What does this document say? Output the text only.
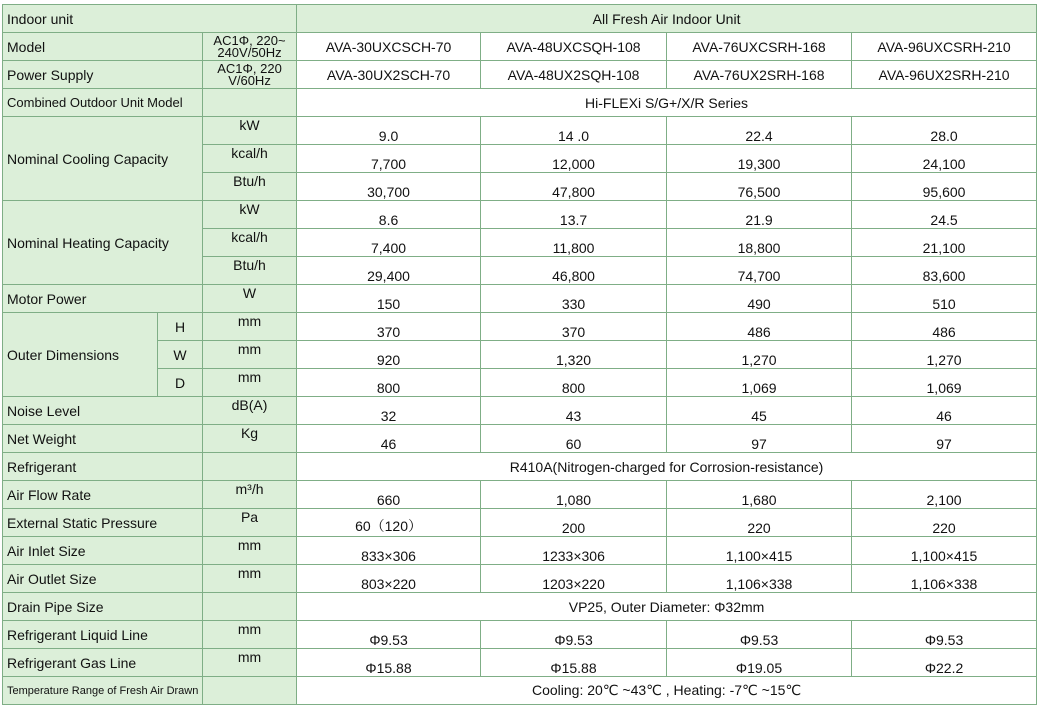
Indoor unit			All Fresh Air Indoor Unit			
Model		AC1Φ, 220~ 240V/50Hz	AVA-30UXCSCH-70	AVA-48UXCSQH-108	AVA-76UXCSRH-168	AVA-96UXCSRH-210
Power Supply		AC1Φ, 220 V/60Hz	AVA-30UX2SCH-70	AVA-48UX2SQH-108	AVA-76UX2SRH-168	AVA-96UX2SRH-210
Combined Outdoor Unit Model			Hi-FLEXi S/G+/X/R Series			
Nominal Cooling Capacity		kW	9.0	14 .0	22.4	28.0
		kcal/h	7,700	12,000	19,300	24,100
		Btu/h	30,700	47,800	76,500	95,600
Nominal Heating Capacity		kW	8.6	13.7	21.9	24.5
		kcal/h	7,400	11,800	18,800	21,100
		Btu/h	29,400	46,800	74,700	83,600
Motor Power		W	150	330	490	510
Outer Dimensions	H	mm	370	370	486	486
	W	mm	920	1,320	1,270	1,270
	D	mm	800	800	1,069	1,069
Noise Level		dB(A)	32	43	45	46
Net Weight		Kg	46	60	97	97
Refrigerant			R410A(Nitrogen-charged for Corrosion-resistance)			
Air Flow Rate		m³/h	660	1,080	1,680	2,100
External Static Pressure		Pa	60（120）	200	220	220
Air Inlet Size		mm	833×306	1233×306	1,100×415	1,100×415
Air Outlet Size		mm	803×220	1203×220	1,106×338	1,106×338
Drain Pipe Size			VP25, Outer Diameter: Φ32mm			
Refrigerant Liquid Line		mm	Φ9.53	Φ9.53	Φ9.53	Φ9.53
Refrigerant Gas Line		mm	Φ15.88	Φ15.88	Φ19.05	Φ22.2
Temperature Range of Fresh Air Drawn			Cooling: 20℃ ~43℃ , Heating: -7℃ ~15℃			
